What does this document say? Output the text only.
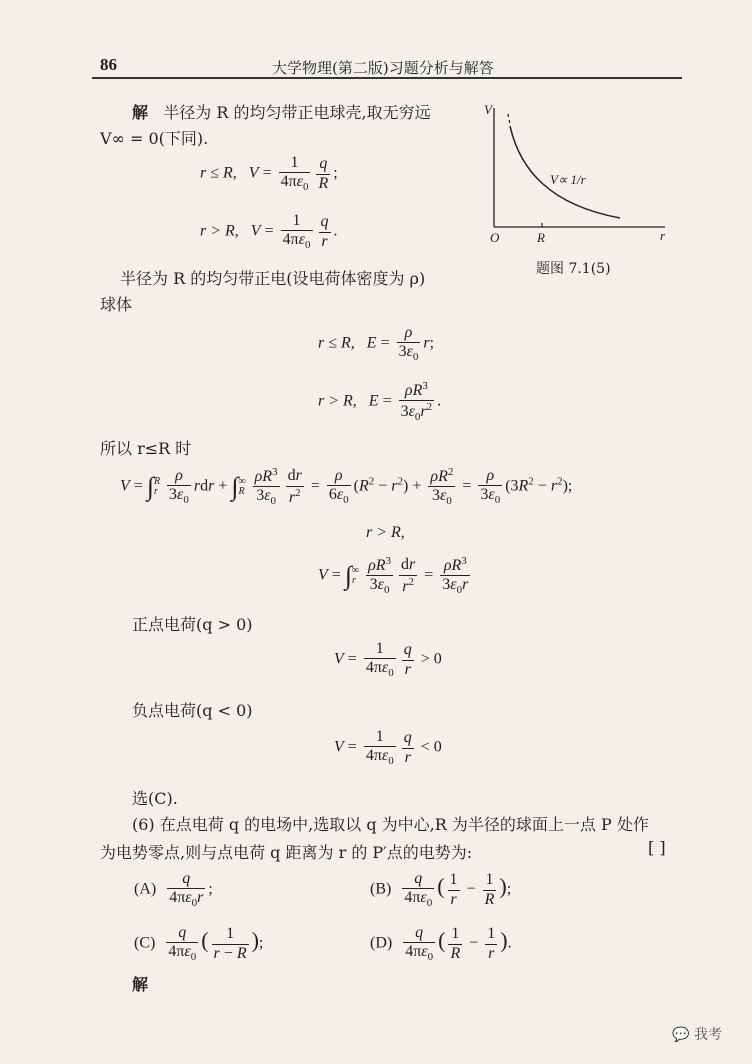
86	大学物理(第二版)习题分析与解答
解 半径为 R 的均匀带正电球壳,取无穷远
V∞ = 0(下同).
r ≤ R, $V = \frac{1}{4\pi\varepsilon_0} \frac{q}{R}$ ;
r > R, $V = \frac{1}{4\pi\varepsilon_0} \frac{q}{r}$ .
V
r
O	R
V∝ 1/r
题图 7.1(5)
半径为 R 的均匀带正电(设电荷体密度为 ρ)
球体
r ≤ R, $E = \frac{\rho}{3\varepsilon_0} r$;
r > R, $E = \frac{\rho R^3}{3\varepsilon_0r^2}$ .
所以 r≤R 时
V = ∫ R
r
$\frac{\rho}{3\varepsilon_0}$ rdr + ∫ ∞
R
$\frac{\rho R^3}{3\varepsilon_0} \frac{dr}{r^2} = \frac{\rho}{6\varepsilon_0} (R^2 - r^2) + \frac{\rho R^2}{3\varepsilon_0} = \frac{\rho}{3\varepsilon_0} (3R^2 - r^2)$;
r > R,
V = ∫ ∞
r
$\frac{\rho R^3}{3\varepsilon_0} \frac{dr}{r^2} = \frac{\rho R^3}{3\varepsilon_0r}$
正点电荷(q > 0)
$V = \frac{1}{4\pi\varepsilon_0} \frac{q}{r} > 0$
负点电荷(q < 0)
$V = \frac{1}{4\pi\varepsilon_0} \frac{q}{r} < 0$
选(C).
(6) 在点电荷 q 的电场中,选取以 q 为中心,R 为半径的球面上一点 P 处作
为电势零点,则与点电荷 q 距离为 r 的 P′点的电势为:	[ ]
$(A) \frac{q}{4\pi\varepsilon_0r}$ ;	$(B) \frac{q}{4\pi\varepsilon_0}$ ( $\frac{1}{r} - \frac{1}{R}$ );
$(C) \frac{q}{4\pi\varepsilon_0}$ ( $\frac{1}{r - R}$ );	$(D) \frac{q}{4\pi\varepsilon_0}$ ( $\frac{1}{R} - \frac{1}{r}$ ).
解
💬 我考
